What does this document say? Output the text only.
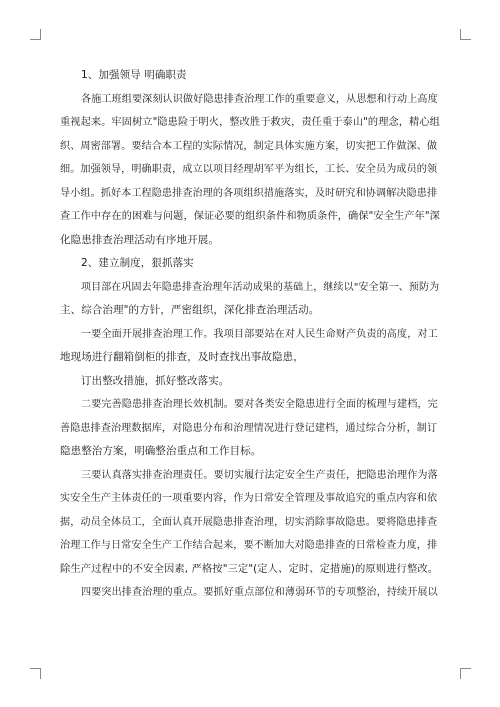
1、加强领导 明确职责
各施工班组要深刻认识做好隐患排查治理工作的重要意义，从思想和行动上高度
重视起来。牢固树立"隐患险于明火，整改胜于救灾，责任重于泰山"的理念，精心组
织、周密部署。要结合本工程的实际情况，制定具体实施方案，切实把工作做深、做
细。加强领导，明确职责，成立以项目经理胡军平为组长，工长、安全员为成员的领
导小组。抓好本工程隐患排查治理的各项组织措施落实，及时研究和协调解决隐患排
查工作中存在的困难与问题，保证必要的组织条件和物质条件，确保"安全生产年"深
化隐患排查治理活动有序地开展。
2、建立制度，狠抓落实
项目部在巩固去年隐患排查治理年活动成果的基础上，继续以"安全第一、预防为
主、综合治理"的方针，严密组织，深化排查治理活动。
一要全面开展排查治理工作。我项目部要站在对人民生命财产负责的高度，对工
地现场进行翻箱倒柜的排查，及时查找出事故隐患，
订出整改措施，抓好整改落实。
二要完善隐患排查治理长效机制。要对各类安全隐患进行全面的梳理与建档，完
善隐患排查治理数据库，对隐患分布和治理情况进行登记建档，通过综合分析，制订
隐患整治方案，明确整治重点和工作目标。
三要认真落实排查治理责任。要切实履行法定安全生产责任，把隐患治理作为落
实安全生产主体责任的一项重要内容，作为日常安全管理及事故追究的重点内容和依
据，动员全体员工，全面认真开展隐患排查治理，切实消除事故隐患。要将隐患排查
治理工作与日常安全生产工作结合起来，要不断加大对隐患排查的日常检查力度，排
除生产过程中的不安全因素, 严格按"三定"(定人、定时、定措施)的原则进行整改。
四要突出排查治理的重点。要抓好重点部位和薄弱环节的专项整治，持续开展以
